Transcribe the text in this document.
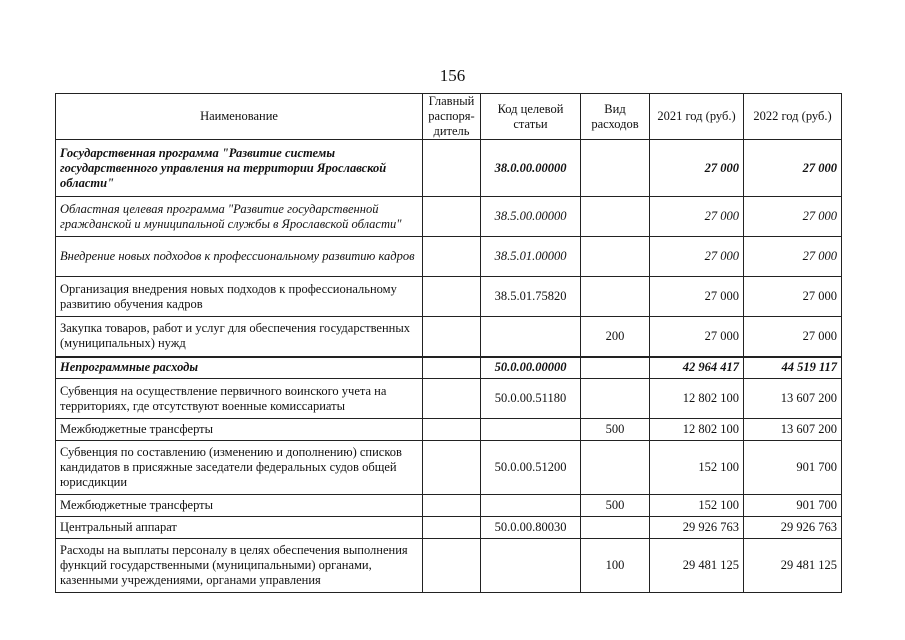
156
Наименование	Главный распоря-дитель	Код целевой статьи	Вид расходов	2021 год (руб.)	2022 год (руб.)
Государственная программа "Развитие системы государственного управления на территории Ярославской области"		38.0.00.00000		27 000	27 000
Областная целевая программа "Развитие государственной гражданской и муниципальной службы в Ярославской области"		38.5.00.00000		27 000	27 000
Внедрение новых подходов к профессиональному развитию кадров		38.5.01.00000		27 000	27 000
Организация внедрения новых подходов к профессиональному развитию обучения кадров		38.5.01.75820		27 000	27 000
Закупка товаров, работ и услуг для обеспечения государственных (муниципальных) нужд			200	27 000	27 000
Непрограммные расходы		50.0.00.00000		42 964 417	44 519 117
Субвенция на осуществление первичного воинского учета на территориях, где отсутствуют военные комиссариаты		50.0.00.51180		12 802 100	13 607 200
Межбюджетные трансферты			500	12 802 100	13 607 200
Субвенция по составлению (изменению и дополнению) списков кандидатов в присяжные заседатели федеральных судов общей юрисдикции		50.0.00.51200		152 100	901 700
Межбюджетные трансферты			500	152 100	901 700
Центральный аппарат		50.0.00.80030		29 926 763	29 926 763
Расходы на выплаты персоналу в целях обеспечения выполнения функций государственными (муниципальными) органами, казенными учреждениями, органами управления			100	29 481 125	29 481 125
